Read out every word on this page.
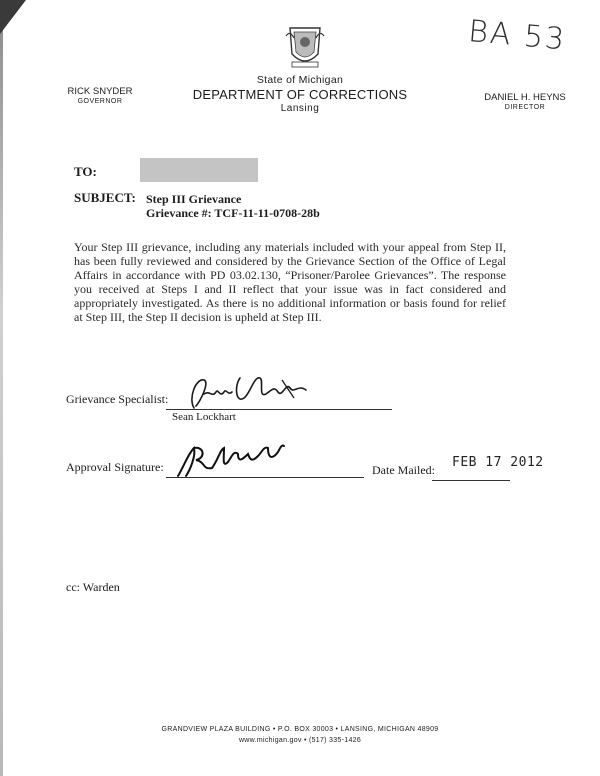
State of Michigan
DEPARTMENT OF CORRECTIONS
Lansing
RICK SNYDER
GOVERNOR	DANIEL H. HEYNS
DIRECTOR
BA 53
TO:
SUBJECT: Step III Grievance
Grievance #: TCF-11-11-0708-28b
Your Step III grievance, including any materials included with your appeal from Step II, has been fully reviewed and considered by the Grievance Section of the Office of Legal Affairs in accordance with PD 03.02.130, “Prisoner/Parolee Grievances”. The response you received at Steps I and II reflect that your issue was in fact considered and appropriately investigated. As there is no additional information or basis found for relief at Step III, the Step II decision is upheld at Step III.
Grievance Specialist:
Sean Lockhart
Approval Signature:	Date Mailed: FEB 17 2012
cc: Warden
GRANDVIEW PLAZA BUILDING • P.O. BOX 30003 • LANSING, MICHIGAN 48909
www.michigan.gov • (517) 335-1426
